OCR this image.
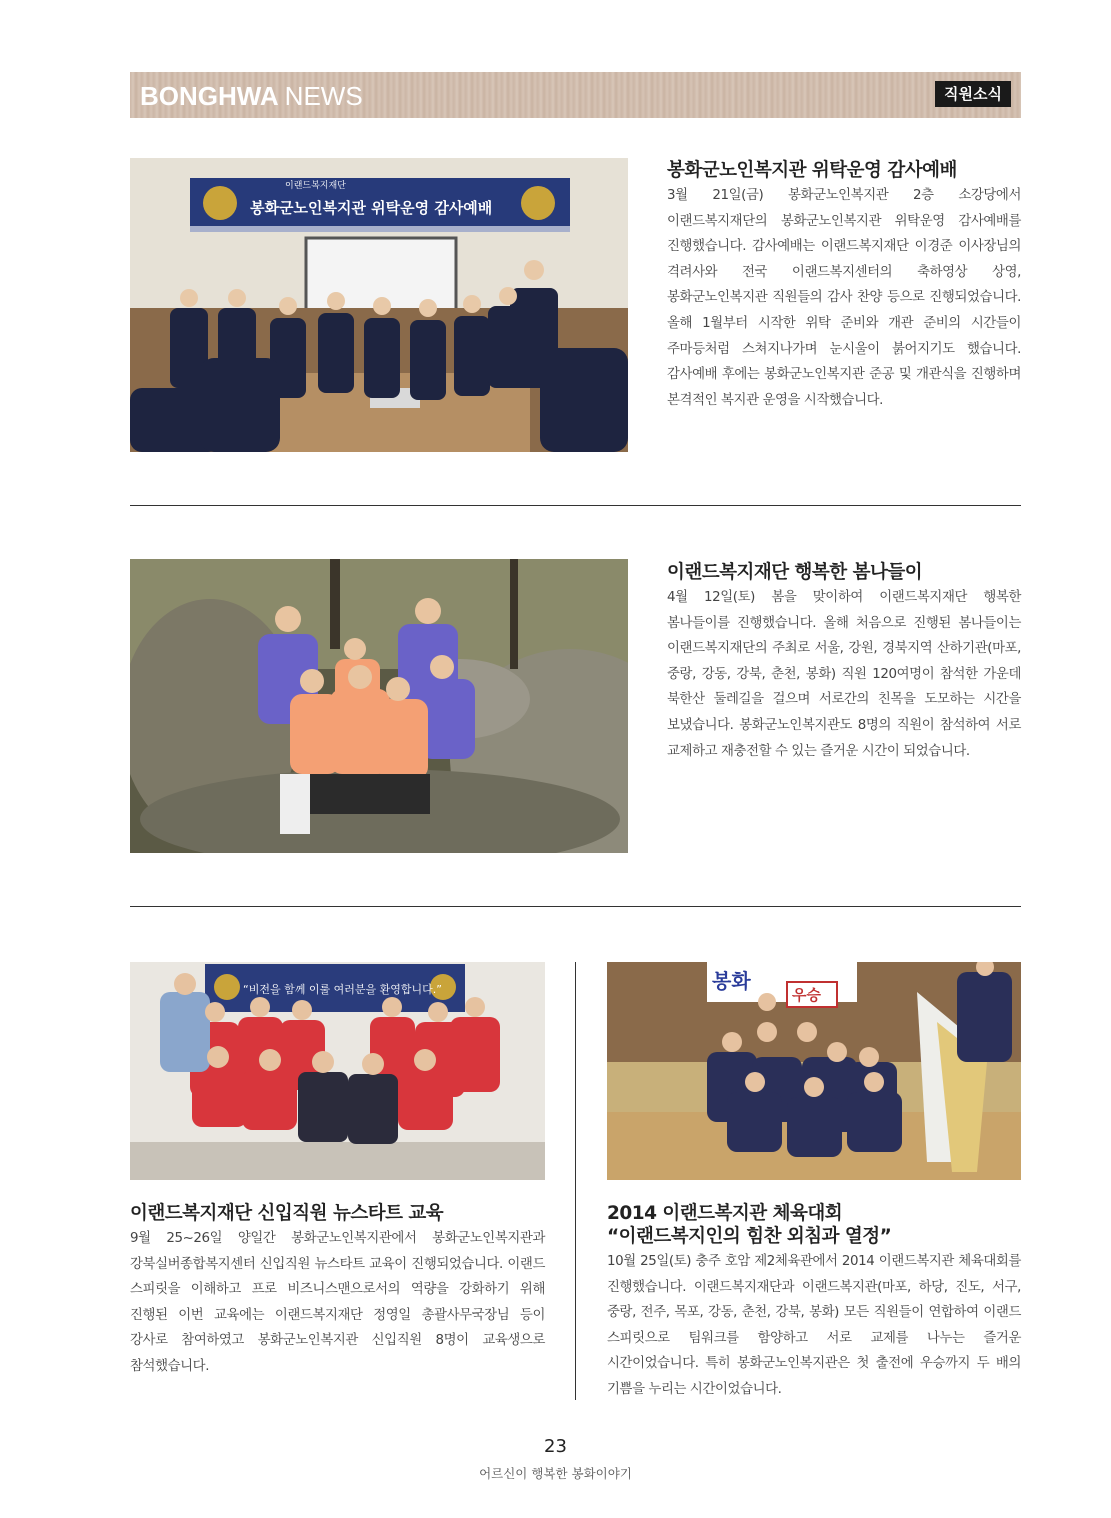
BONGHWA NEWS	직원소식
이랜드복지재단
봉화군노인복지관 위탁운영 감사예배
봉화군노인복지관 위탁운영 감사예배
3월 21일(금) 봉화군노인복지관 2층 소강당에서 이랜드복지재단의 봉화군노인복지관 위탁운영 감사예배를 진행했습니다. 감사예배는 이랜드복지재단 이경준 이사장님의 격려사와 전국 이랜드복지센터의 축하영상 상영, 봉화군노인복지관 직원들의 감사 찬양 등으로 진행되었습니다. 올해 1월부터 시작한 위탁 준비와 개관 준비의 시간들이 주마등처럼 스쳐지나가며 눈시울이 붉어지기도 했습니다. 감사예배 후에는 봉화군노인복지관 준공 및 개관식을 진행하며 본격적인 복지관 운영을 시작했습니다.
이랜드복지재단 행복한 봄나들이
4월 12일(토) 봄을 맞이하여 이랜드복지재단 행복한 봄나들이를 진행했습니다. 올해 처음으로 진행된 봄나들이는 이랜드복지재단의 주최로 서울, 강원, 경북지역 산하기관(마포, 중랑, 강동, 강북, 춘천, 봉화) 직원 120여명이 참석한 가운데 북한산 둘레길을 걸으며 서로간의 친목을 도모하는 시간을 보냈습니다. 봉화군노인복지관도 8명의 직원이 참석하여 서로 교제하고 재충전할 수 있는 즐거운 시간이 되었습니다.
“비전을 함께 이룰 여러분을 환영합니다.”
이랜드복지재단 신입직원 뉴스타트 교육
9월 25~26일 양일간 봉화군노인복지관에서 봉화군노인복지관과 강북실버종합복지센터 신입직원 뉴스타트 교육이 진행되었습니다. 이랜드 스피릿을 이해하고 프로 비즈니스맨으로서의 역량을 강화하기 위해 진행된 이번 교육에는 이랜드복지재단 정영일 총괄사무국장님 등이 강사로 참여하였고 봉화군노인복지관 신입직원 8명이 교육생으로 참석했습니다.
봉화
우승
2014 이랜드복지관 체육대회
“이랜드복지인의 힘찬 외침과 열정”
10월 25일(토) 충주 호암 제2체육관에서 2014 이랜드복지관 체육대회를 진행했습니다. 이랜드복지재단과 이랜드복지관(마포, 하당, 진도, 서구, 중랑, 전주, 목포, 강동, 춘천, 강북, 봉화) 모든 직원들이 연합하여 이랜드 스피릿으로 팀워크를 함양하고 서로 교제를 나누는 즐거운 시간이었습니다. 특히 봉화군노인복지관은 첫 출전에 우승까지 두 배의 기쁨을 누리는 시간이었습니다.
23
어르신이 행복한 봉화이야기
